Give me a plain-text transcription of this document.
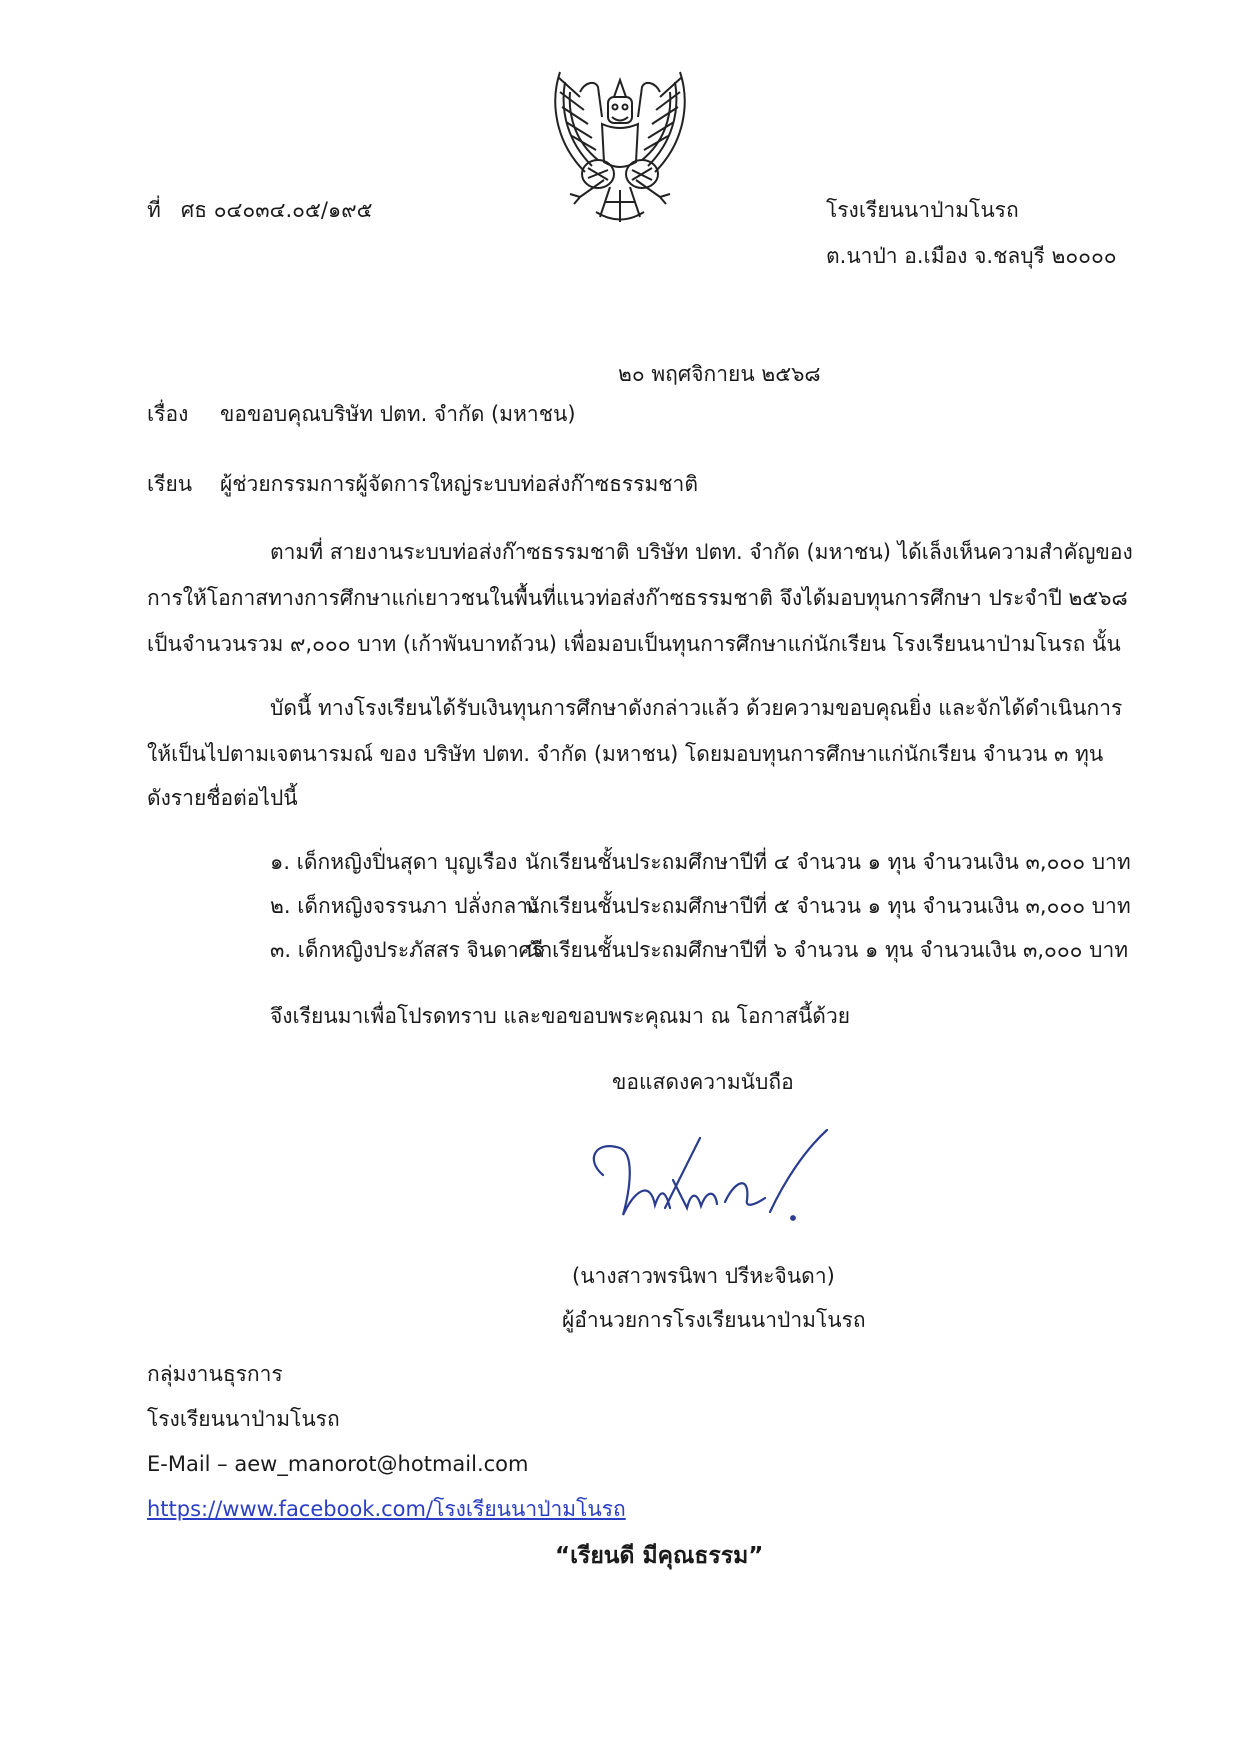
ที่ ศธ ๐๔๐๓๔.๐๕/๑๙๕	โรงเรียนนาป่ามโนรถ
ต.นาป่า อ.เมือง จ.ชลบุรี ๒๐๐๐๐
๒๐ พฤศจิกายน ๒๕๖๘
เรื่อง ขอขอบคุณบริษัท ปตท. จำกัด (มหาชน)
เรียน ผู้ช่วยกรรมการผู้จัดการใหญ่ระบบท่อส่งก๊าซธรรมชาติ
ตามที่ สายงานระบบท่อส่งก๊าซธรรมชาติ บริษัท ปตท. จำกัด (มหาชน) ได้เล็งเห็นความสำคัญของ
การให้โอกาสทางการศึกษาแก่เยาวชนในพื้นที่แนวท่อส่งก๊าซธรรมชาติ จึงได้มอบทุนการศึกษา ประจำปี ๒๕๖๘
เป็นจำนวนรวม ๙,๐๐๐ บาท (เก้าพันบาทถ้วน) เพื่อมอบเป็นทุนการศึกษาแก่นักเรียน โรงเรียนนาป่ามโนรถ นั้น
บัดนี้ ทางโรงเรียนได้รับเงินทุนการศึกษาดังกล่าวแล้ว ด้วยความขอบคุณยิ่ง และจักได้ดำเนินการ
ให้เป็นไปตามเจตนารมณ์ ของ บริษัท ปตท. จำกัด (มหาชน) โดยมอบทุนการศึกษาแก่นักเรียน จำนวน ๓ ทุน
ดังรายชื่อต่อไปนี้
๑. เด็กหญิงปิ่นสุดา บุญเรือง นักเรียนชั้นประถมศึกษาปีที่ ๔ จำนวน ๑ ทุน จำนวนเงิน ๓,๐๐๐ บาท
๒. เด็กหญิงจรรนภา ปลั่งกลาง
นักเรียนชั้นประถมศึกษาปีที่ ๕ จำนวน ๑ ทุน จำนวนเงิน ๓,๐๐๐ บาท
๓. เด็กหญิงประภัสสร จินดาศรี
นักเรียนชั้นประถมศึกษาปีที่ ๖ จำนวน ๑ ทุน จำนวนเงิน ๓,๐๐๐ บาท
จึงเรียนมาเพื่อโปรดทราบ และขอขอบพระคุณมา ณ โอกาสนี้ด้วย
ขอแสดงความนับถือ
(นางสาวพรนิพา ปรีหะจินดา)
ผู้อำนวยการโรงเรียนนาป่ามโนรถ
กลุ่มงานธุรการ
โรงเรียนนาป่ามโนรถ
E-Mail – aew_manorot@hotmail.com
https://www.facebook.com/โรงเรียนนาป่ามโนรถ
“เรียนดี มีคุณธรรม”
